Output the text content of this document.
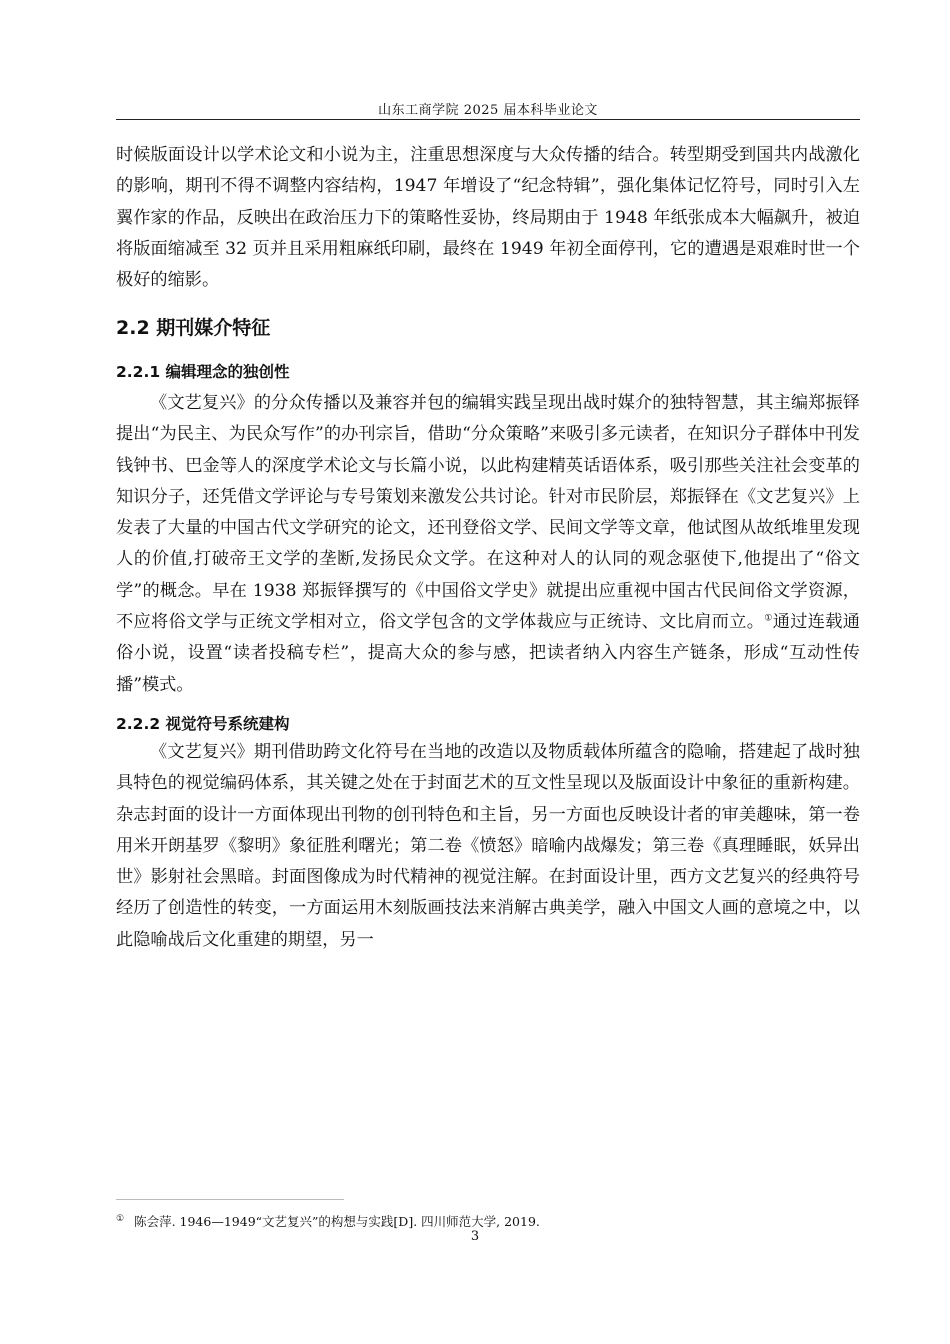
山东工商学院 2025 届本科毕业论文
时候版面设计以学术论文和小说为主，注重思想深度与大众传播的结合。转型期受到国共内战激化的影响，期刊不得不调整内容结构，1947 年增设了“纪念特辑”，强化集体记忆符号，同时引入左翼作家的作品，反映出在政治压力下的策略性妥协，终局期由于 1948 年纸张成本大幅飙升，被迫将版面缩减至 32 页并且采用粗麻纸印刷，最终在 1949 年初全面停刊，它的遭遇是艰难时世一个极好的缩影。
2.2 期刊媒介特征
2.2.1 编辑理念的独创性
《文艺复兴》的分众传播以及兼容并包的编辑实践呈现出战时媒介的独特智慧，其主编郑振铎提出“为民主、为民众写作”的办刊宗旨，借助“分众策略”来吸引多元读者，在知识分子群体中刊发钱钟书、巴金等人的深度学术论文与长篇小说，以此构建精英话语体系，吸引那些关注社会变革的知识分子，还凭借文学评论与专号策划来激发公共讨论。针对市民阶层，郑振铎在《文艺复兴》上发表了大量的中国古代文学研究的论文，还刊登俗文学、民间文学等文章，他试图从故纸堆里发现人的价值,打破帝王文学的垄断,发扬民众文学。在这种对人的认同的观念驱使下,他提出了“俗文学”的概念。早在 1938 郑振铎撰写的《中国俗文学史》就提出应重视中国古代民间俗文学资源，不应将俗文学与正统文学相对立，俗文学包含的文学体裁应与正统诗、文比肩而立。①通过连载通俗小说，设置“读者投稿专栏”，提高大众的参与感，把读者纳入内容生产链条，形成“互动性传播”模式。
2.2.2 视觉符号系统建构
《文艺复兴》期刊借助跨文化符号在当地的改造以及物质载体所蕴含的隐喻，搭建起了战时独具特色的视觉编码体系，其关键之处在于封面艺术的互文性呈现以及版面设计中象征的重新构建。杂志封面的设计一方面体现出刊物的创刊特色和主旨，另一方面也反映设计者的审美趣味，第一卷用米开朗基罗《黎明》象征胜利曙光；第二卷《愤怒》暗喻内战爆发；第三卷《真理睡眠，妖异出世》影射社会黑暗。封面图像成为时代精神的视觉注解。在封面设计里，西方文艺复兴的经典符号经历了创造性的转变，一方面运用木刻版画技法来消解古典美学，融入中国文人画的意境之中，以此隐喻战后文化重建的期望，另一
① 陈会萍. 1946—1949“文艺复兴”的构想与实践[D]. 四川师范大学, 2019.
3
